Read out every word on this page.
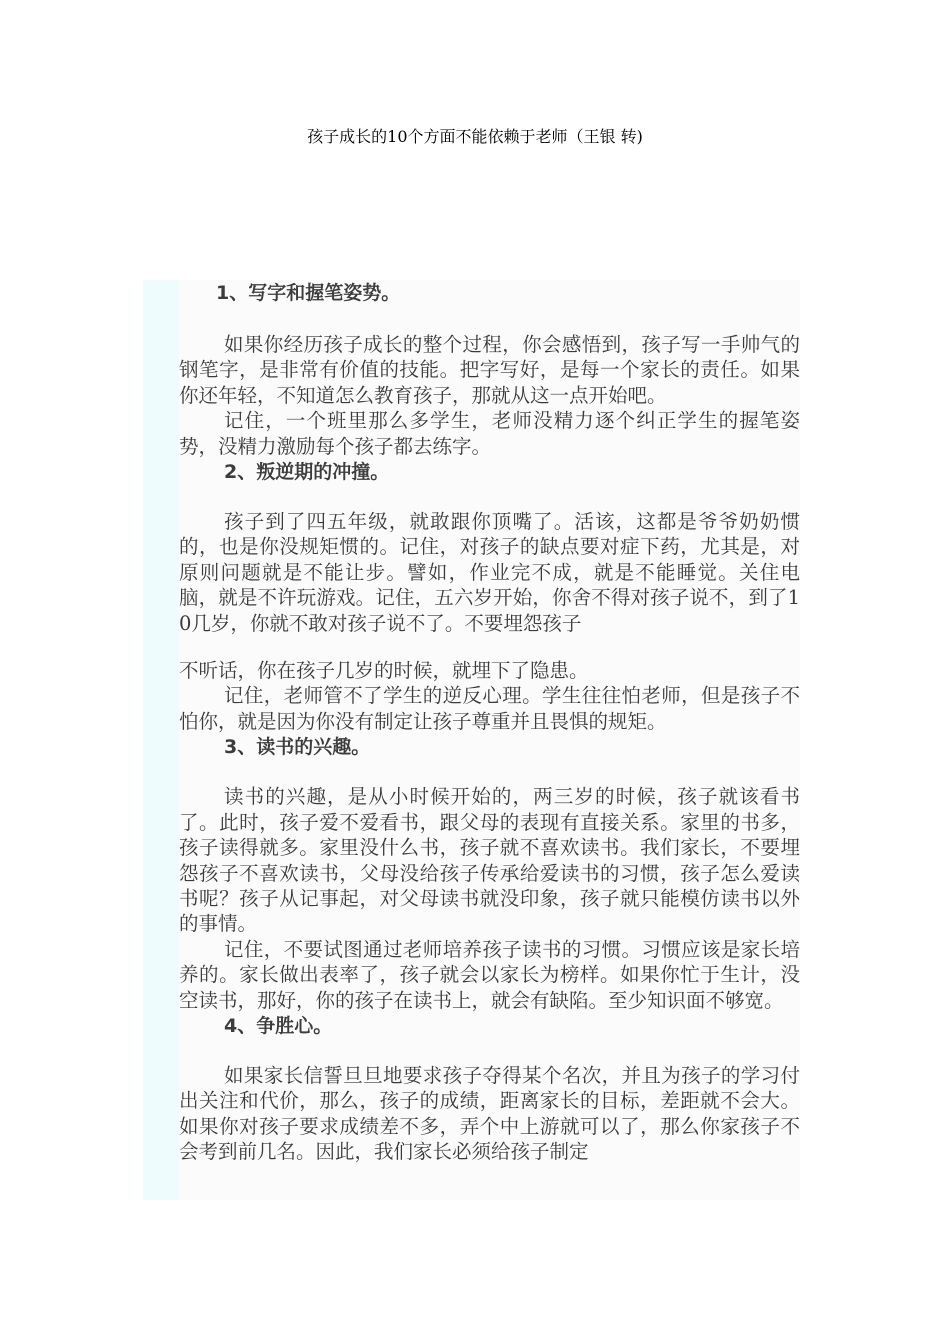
孩子成长的10个方面不能依赖于老师（王银 转)
1、写字和握笔姿势。

如果你经历孩子成长的整个过程，你会感悟到，孩子写一手帅气的钢笔字，是非常有价值的技能。把字写好，是每一个家长的责任。如果你还年轻，不知道怎么教育孩子，那就从这一点开始吧。

记住，一个班里那么多学生，老师没精力逐个纠正学生的握笔姿势，没精力激励每个孩子都去练字。

2、叛逆期的冲撞。

孩子到了四五年级，就敢跟你顶嘴了。活该，这都是爷爷奶奶惯的，也是你没规矩惯的。记住，对孩子的缺点要对症下药，尤其是，对原则问题就是不能让步。譬如，作业完不成，就是不能睡觉。关住电脑，就是不许玩游戏。记住，五六岁开始，你舍不得对孩子说不，到了10几岁，你就不敢对孩子说不了。不要埋怨孩子

不听话，你在孩子几岁的时候，就埋下了隐患。

记住，老师管不了学生的逆反心理。学生往往怕老师，但是孩子不怕你，就是因为你没有制定让孩子尊重并且畏惧的规矩。

3、读书的兴趣。

读书的兴趣，是从小时候开始的，两三岁的时候，孩子就该看书了。此时，孩子爱不爱看书，跟父母的表现有直接关系。家里的书多，孩子读得就多。家里没什么书，孩子就不喜欢读书。我们家长，不要埋怨孩子不喜欢读书，父母没给孩子传承给爱读书的习惯，孩子怎么爱读书呢？孩子从记事起，对父母读书就没印象，孩子就只能模仿读书以外的事情。

记住，不要试图通过老师培养孩子读书的习惯。习惯应该是家长培养的。家长做出表率了，孩子就会以家长为榜样。如果你忙于生计，没空读书，那好，你的孩子在读书上，就会有缺陷。至少知识面不够宽。

4、争胜心。

如果家长信誓旦旦地要求孩子夺得某个名次，并且为孩子的学习付出关注和代价，那么，孩子的成绩，距离家长的目标，差距就不会大。如果你对孩子要求成绩差不多，弄个中上游就可以了，那么你家孩子不会考到前几名。因此，我们家长必须给孩子制定
